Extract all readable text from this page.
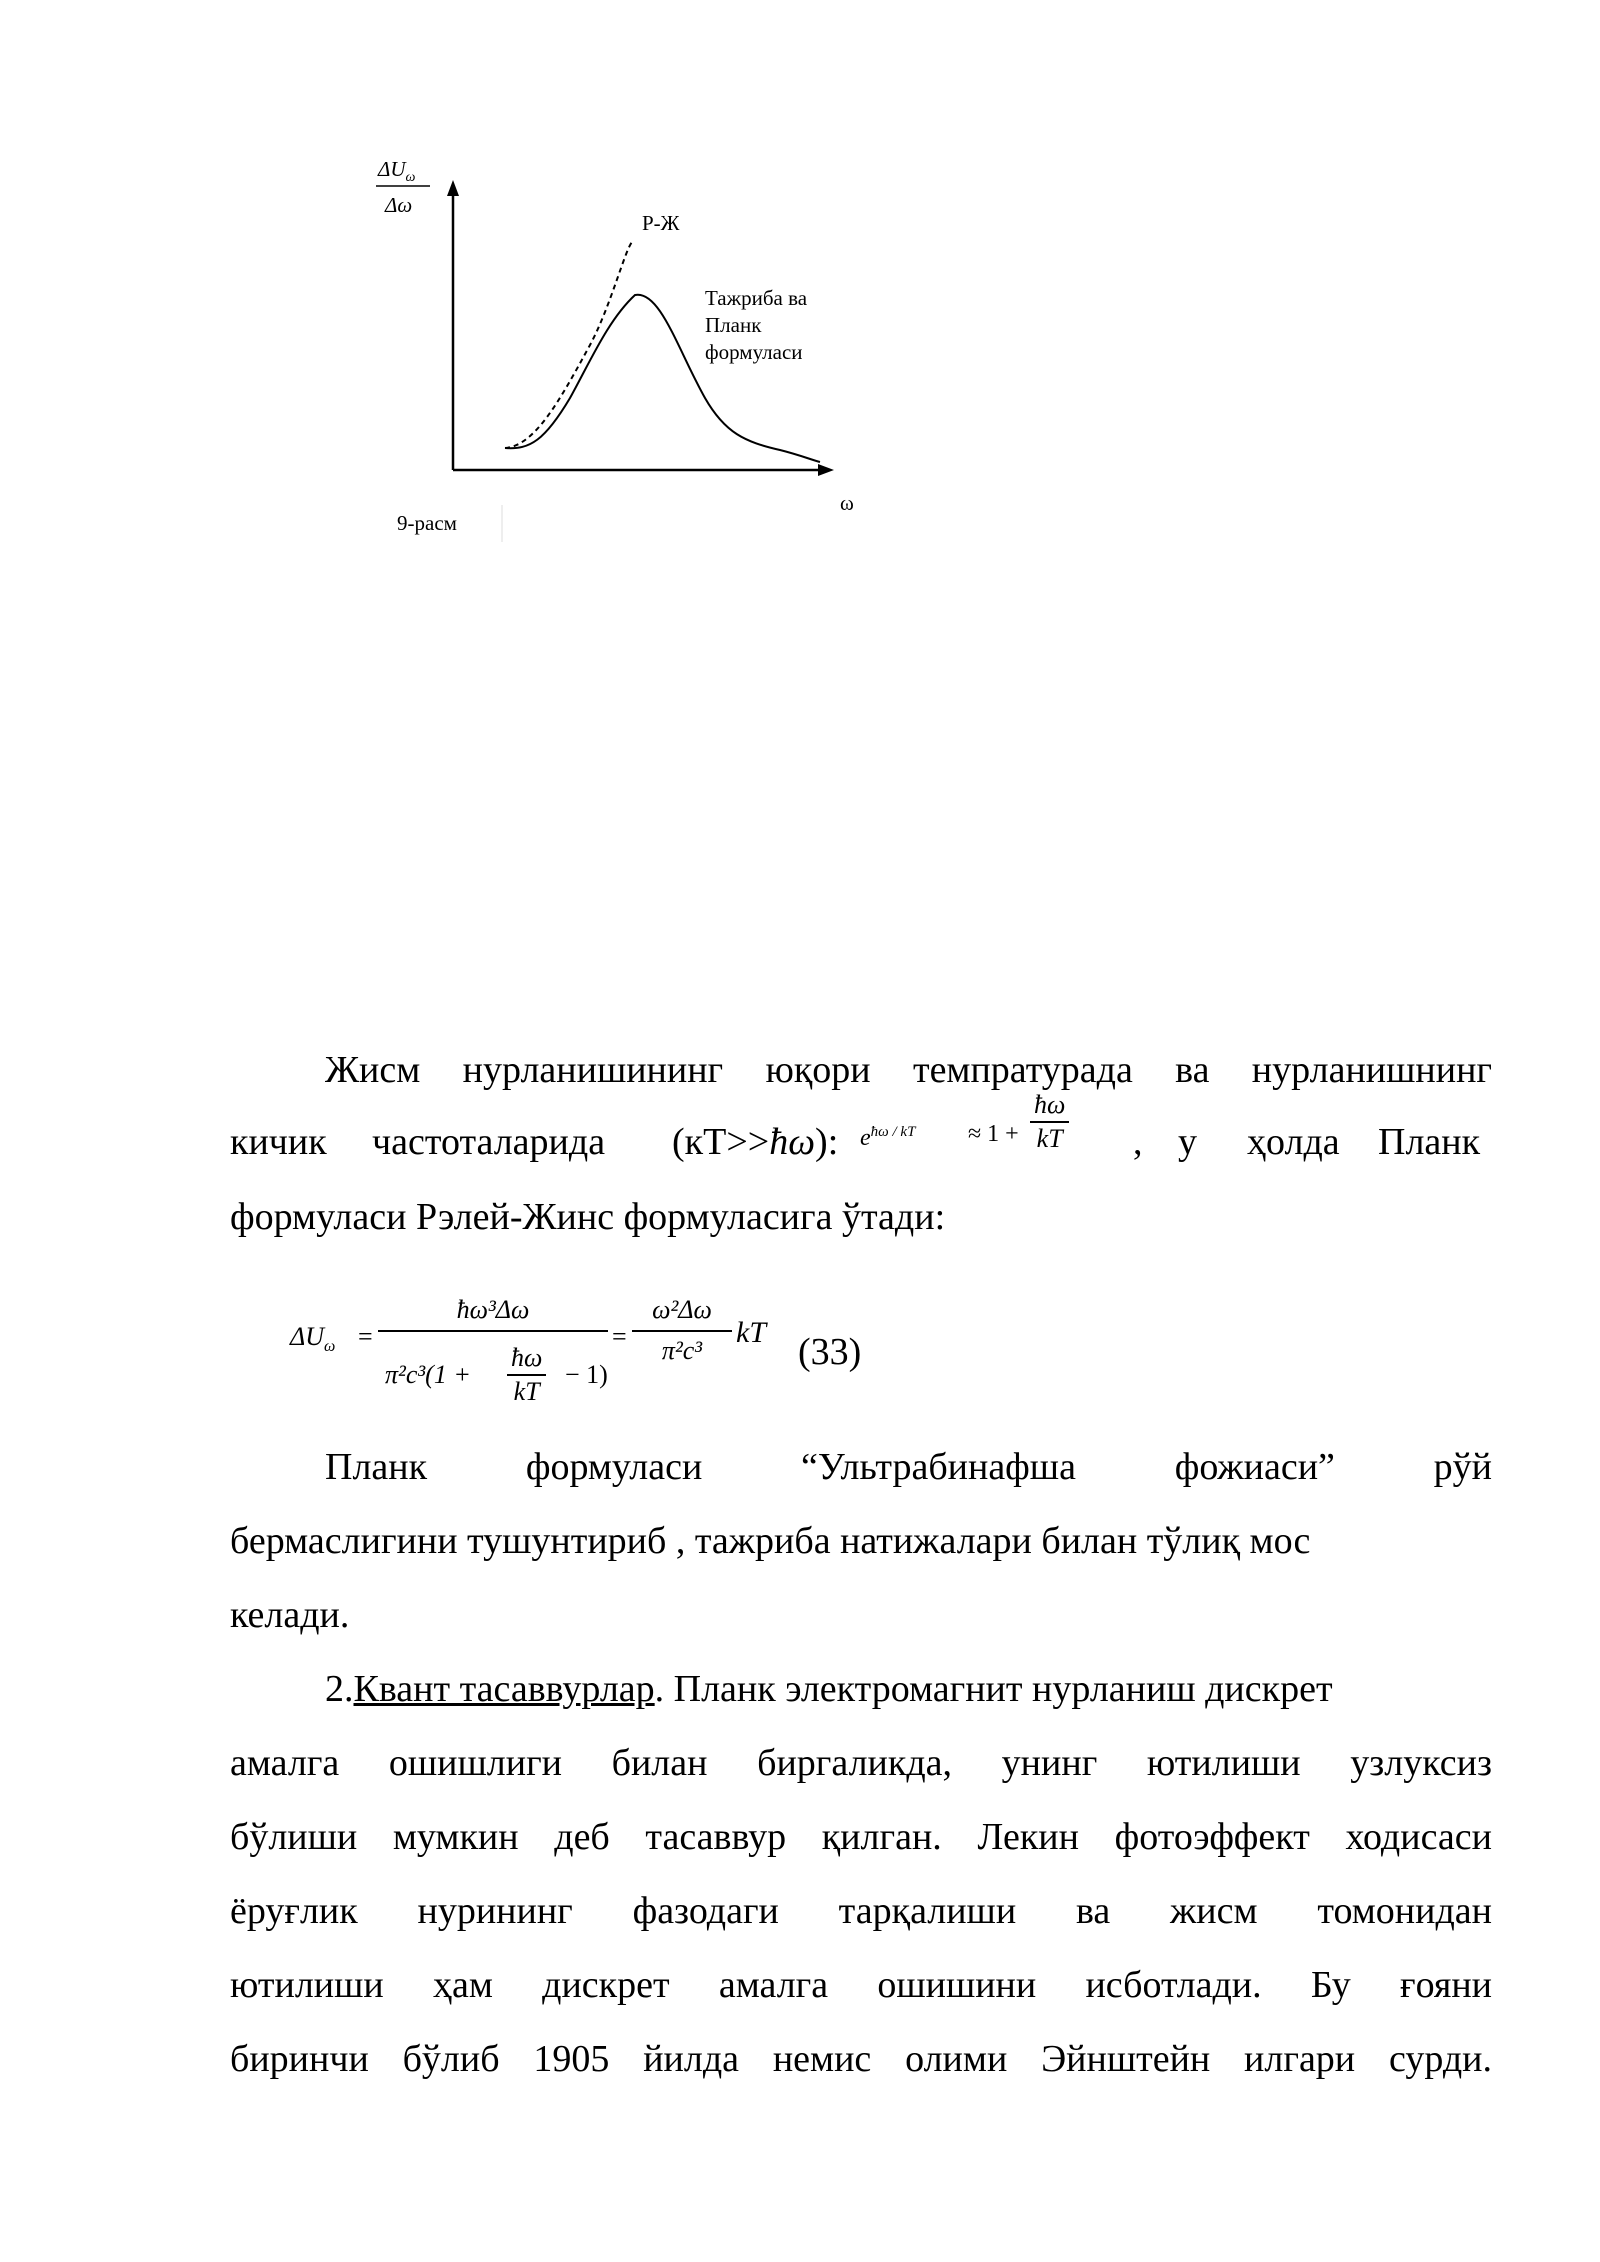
$\Delta U_\omega$
Δω
Р-Ж
Тажриба ва
Планк
формуласи
ω
9-расм
Жисм нурланишининг юқори темпратурада ва нурланишнинг
кичик частоталарида (кТ>>ħω): $e^{ħ\omega / kT} \approx 1$ +
ħω
kT , у ҳолда Планк
формуласи Рэлей-Жинс формуласига ўтади:
$\Delta U_\omega$ =
ħω³Δω
π²c³(1 +
ħω
kT
− 1)
=
ω²Δω
π²c³
kT (33)
Планк формуласи “Ультрабинафша фожиаси” рўй
бермаслигини тушунтириб , тажриба натижалари билан тўлиқ мос
келади.
2.Квант тасаввурлар. Планк электромагнит нурланиш дискрет
амалга ошишлиги билан биргаликда, унинг ютилиши узлуксиз
бўлиши мумкин деб тасаввур қилган. Лекин фотоэффект ходисаси
ёруғлик нурининг фазодаги тарқалиши ва жисм томонидан
ютилиши ҳам дискрет амалга ошишини исботлади. Бу ғояни
биринчи бўлиб 1905 йилда немис олими Эйнштейн илгари сурди.
